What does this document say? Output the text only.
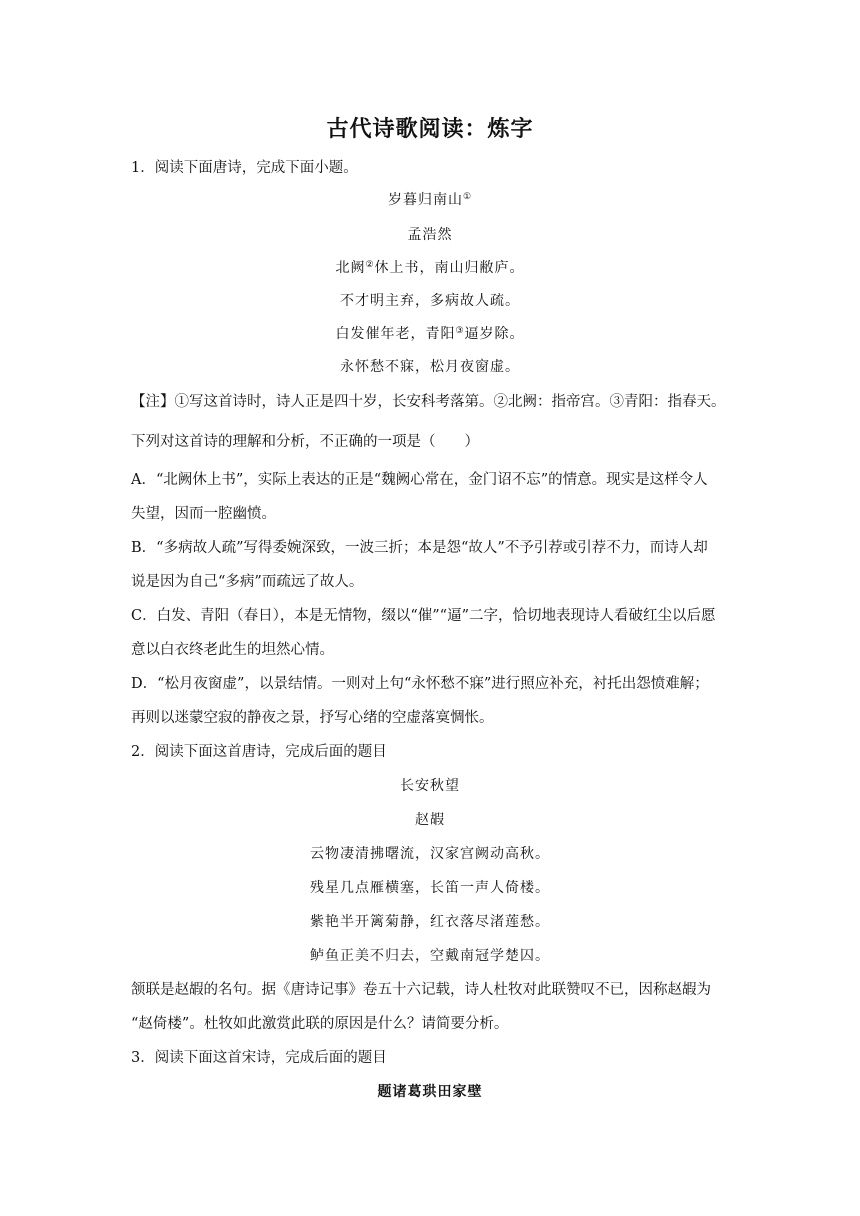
古代诗歌阅读：炼字
1．阅读下面唐诗，完成下面小题。
岁暮归南山①
孟浩然
北阙②休上书，南山归敝庐。
不才明主弃，多病故人疏。
白发催年老，青阳③逼岁除。
永怀愁不寐，松月夜窗虚。
【注】①写这首诗时，诗人正是四十岁，长安科考落第。②北阙：指帝宫。③青阳：指春天。
下列对这首诗的理解和分析，不正确的一项是（　　）
A．“北阙休上书”，实际上表达的正是“魏阙心常在，金门诏不忘”的情意。现实是这样令人
失望，因而一腔幽愤。
B．“多病故人疏”写得委婉深致，一波三折；本是怨“故人”不予引荐或引荐不力，而诗人却
说是因为自己“多病”而疏远了故人。
C．白发、青阳（春日），本是无情物，缀以“催”“逼”二字，恰切地表现诗人看破红尘以后愿
意以白衣终老此生的坦然心情。
D．“松月夜窗虚”，以景结情。一则对上句“永怀愁不寐”进行照应补充，衬托出怨愤难解；
再则以迷蒙空寂的静夜之景，抒写心绪的空虚落寞惆怅。
2．阅读下面这首唐诗，完成后面的题目
长安秋望
赵嘏
云物凄清拂曙流，汉家宫阙动高秋。
残星几点雁横塞，长笛一声人倚楼。
紫艳半开篱菊静，红衣落尽渚莲愁。
鲈鱼正美不归去，空戴南冠学楚囚。
颔联是赵嘏的名句。据《唐诗记事》卷五十六记载，诗人杜牧对此联赞叹不已，因称赵嘏为
“赵倚楼”。杜牧如此激赏此联的原因是什么？请简要分析。
3．阅读下面这首宋诗，完成后面的题目
题诸葛珙田家壁
